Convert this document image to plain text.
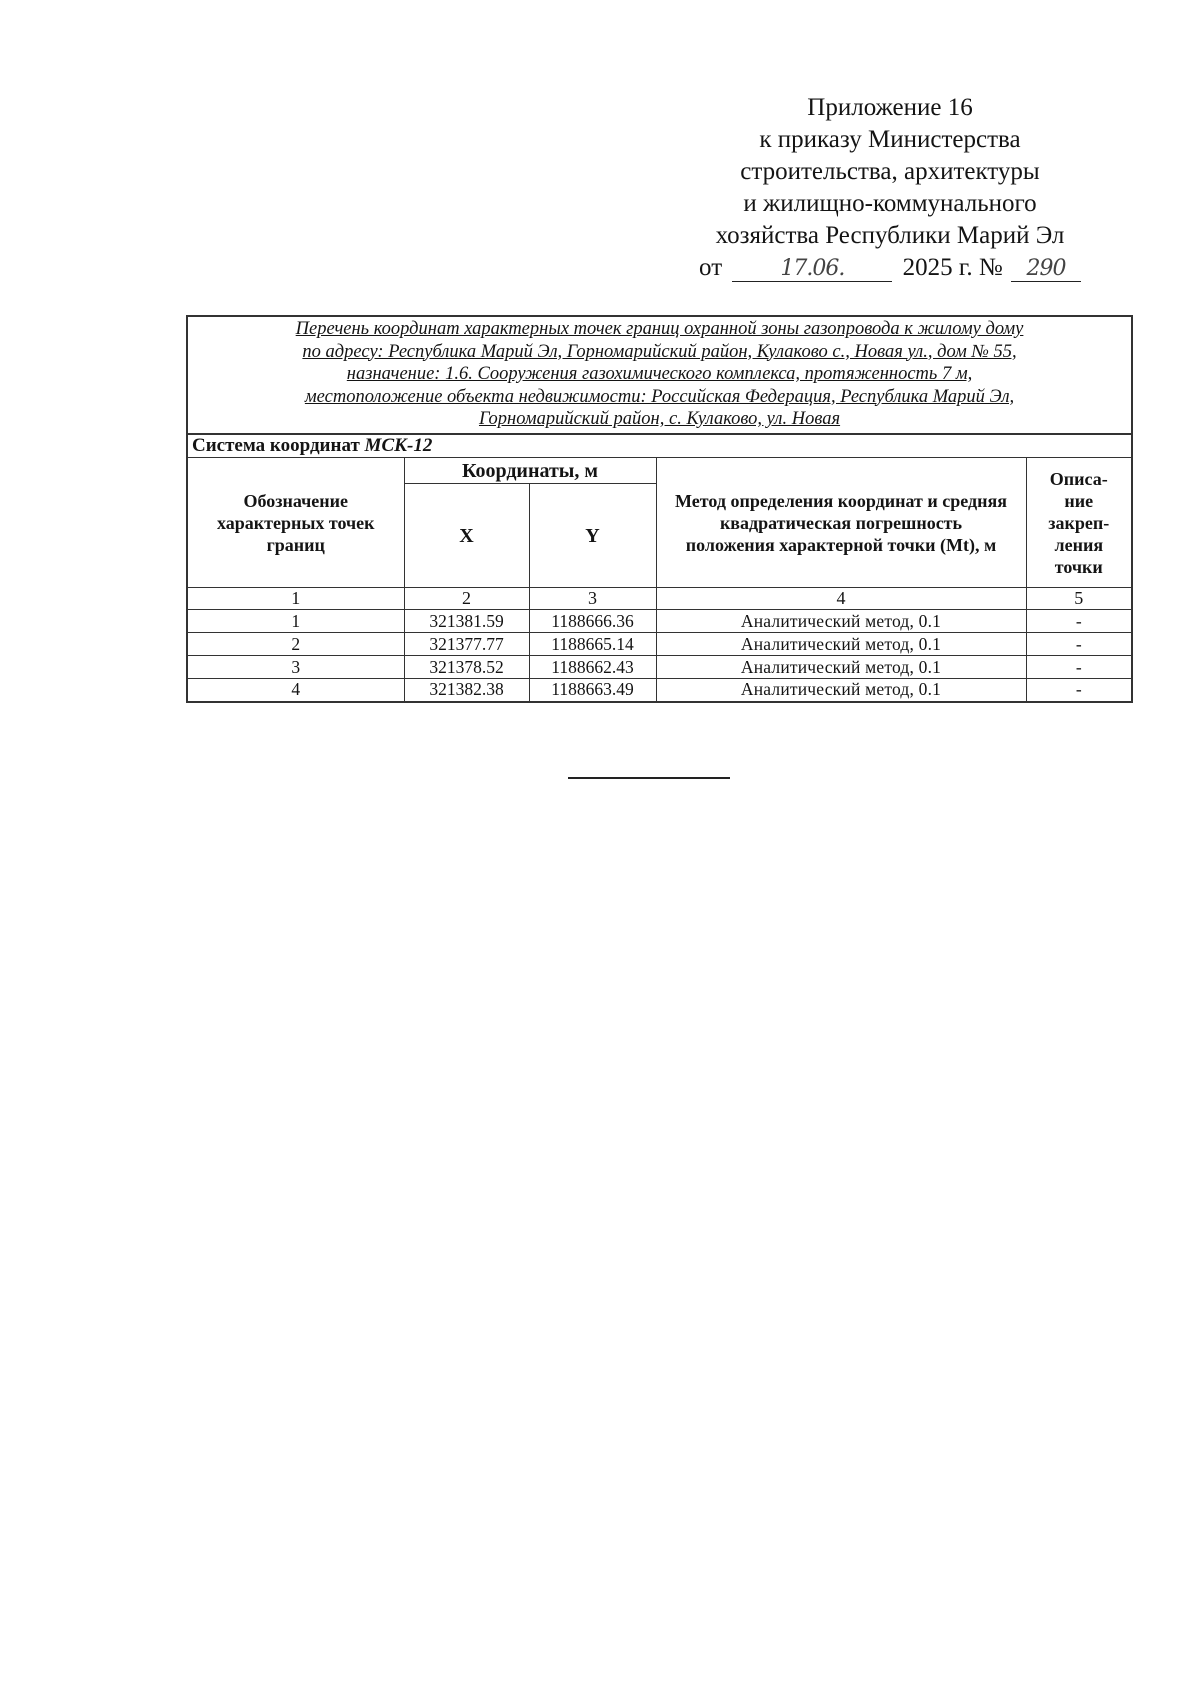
Приложение 16
к приказу Министерства
строительства, архитектуры
и жилищно-коммунального
хозяйства Республики Марий Эл
от	17.06. 2025 г. № 290
Перечень координат характерных точек границ охранной зоны газопровода к жилому дому
по адресу: Республика Марий Эл, Горномарийский район, Кулаково с., Новая ул., дом № 55,
назначение: 1.6. Сооружения газохимического комплекса, протяженность 7 м,
местоположение объекта недвижимости: Российская Федерация, Республика Марий Эл,
Горномарийский район, с. Кулаково, ул. Новая				

Система координат МСК-12				
Обозначение характерных точек границ	Координаты, м		Метод определения координат и средняя квадратическая погрешность положения характерной точки (Mt), м	Описа-
ние
закреп-
ления
точки

	X	Y		
1	2	3	4	5
1	321381.59	1188666.36	Аналитический метод, 0.1	-
2	321377.77	1188665.14	Аналитический метод, 0.1	-
3	321378.52	1188662.43	Аналитический метод, 0.1	-
4	321382.38	1188663.49	Аналитический метод, 0.1	-
